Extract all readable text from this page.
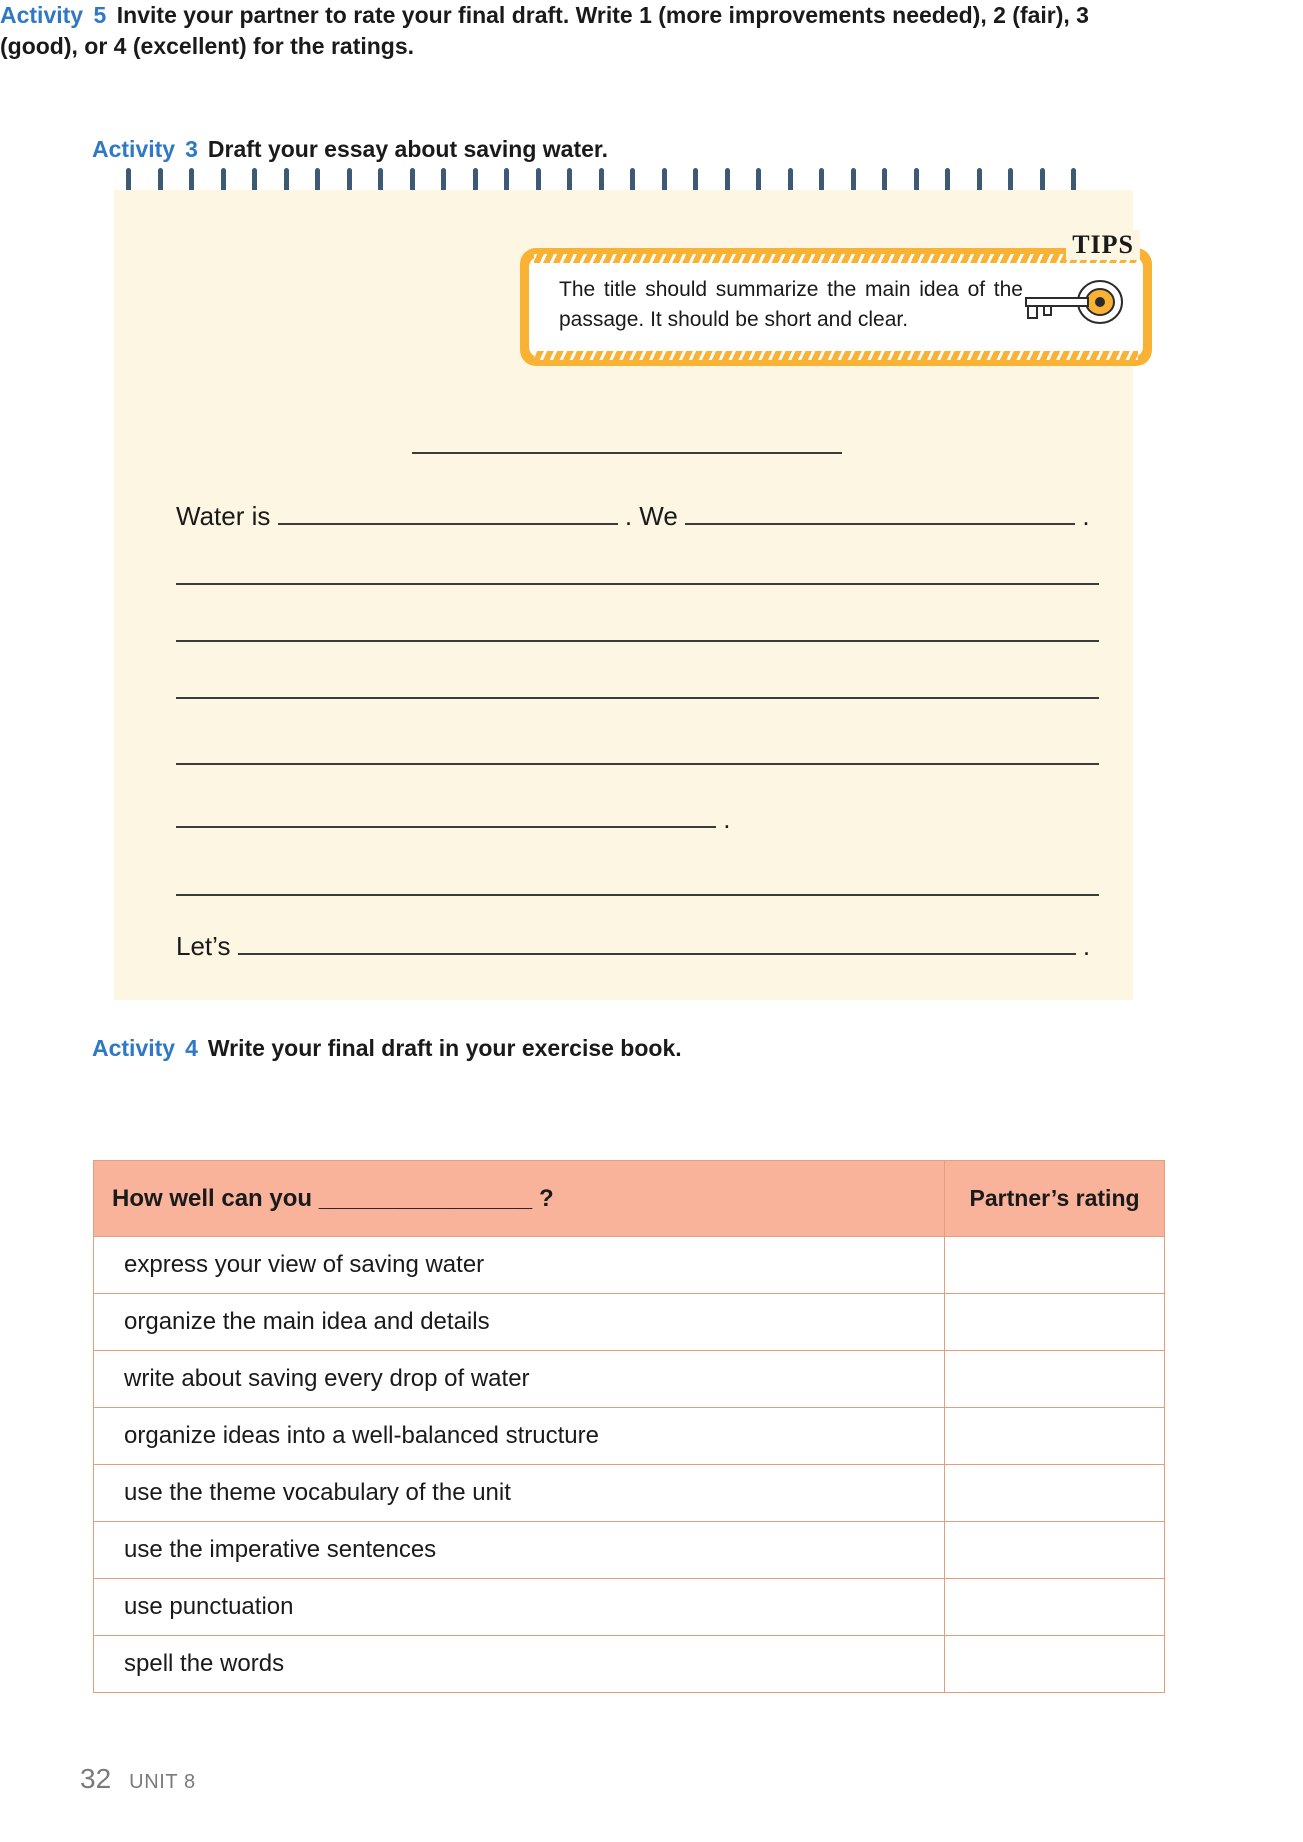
Activity 3 Draft your essay about saving water.
The title should summarize the main idea of the passage. It should be short and clear.
TIPS
Water is	. We	.
.
Let’s	.
Activity 4 Write your final draft in your exercise book.
Activity 5 Invite your partner to rate your final draft. Write 1 (more improvements needed), 2 (fair), 3 (good), or 4 (excellent) for the ratings.
How well can you ________________ ?	Partner’s rating
express your view of saving water	
organize the main idea and details	
write about saving every drop of water	
organize ideas into a well-balanced structure	
use the theme vocabulary of the unit	
use the imperative sentences	
use punctuation	
spell the words	
32 UNIT 8
